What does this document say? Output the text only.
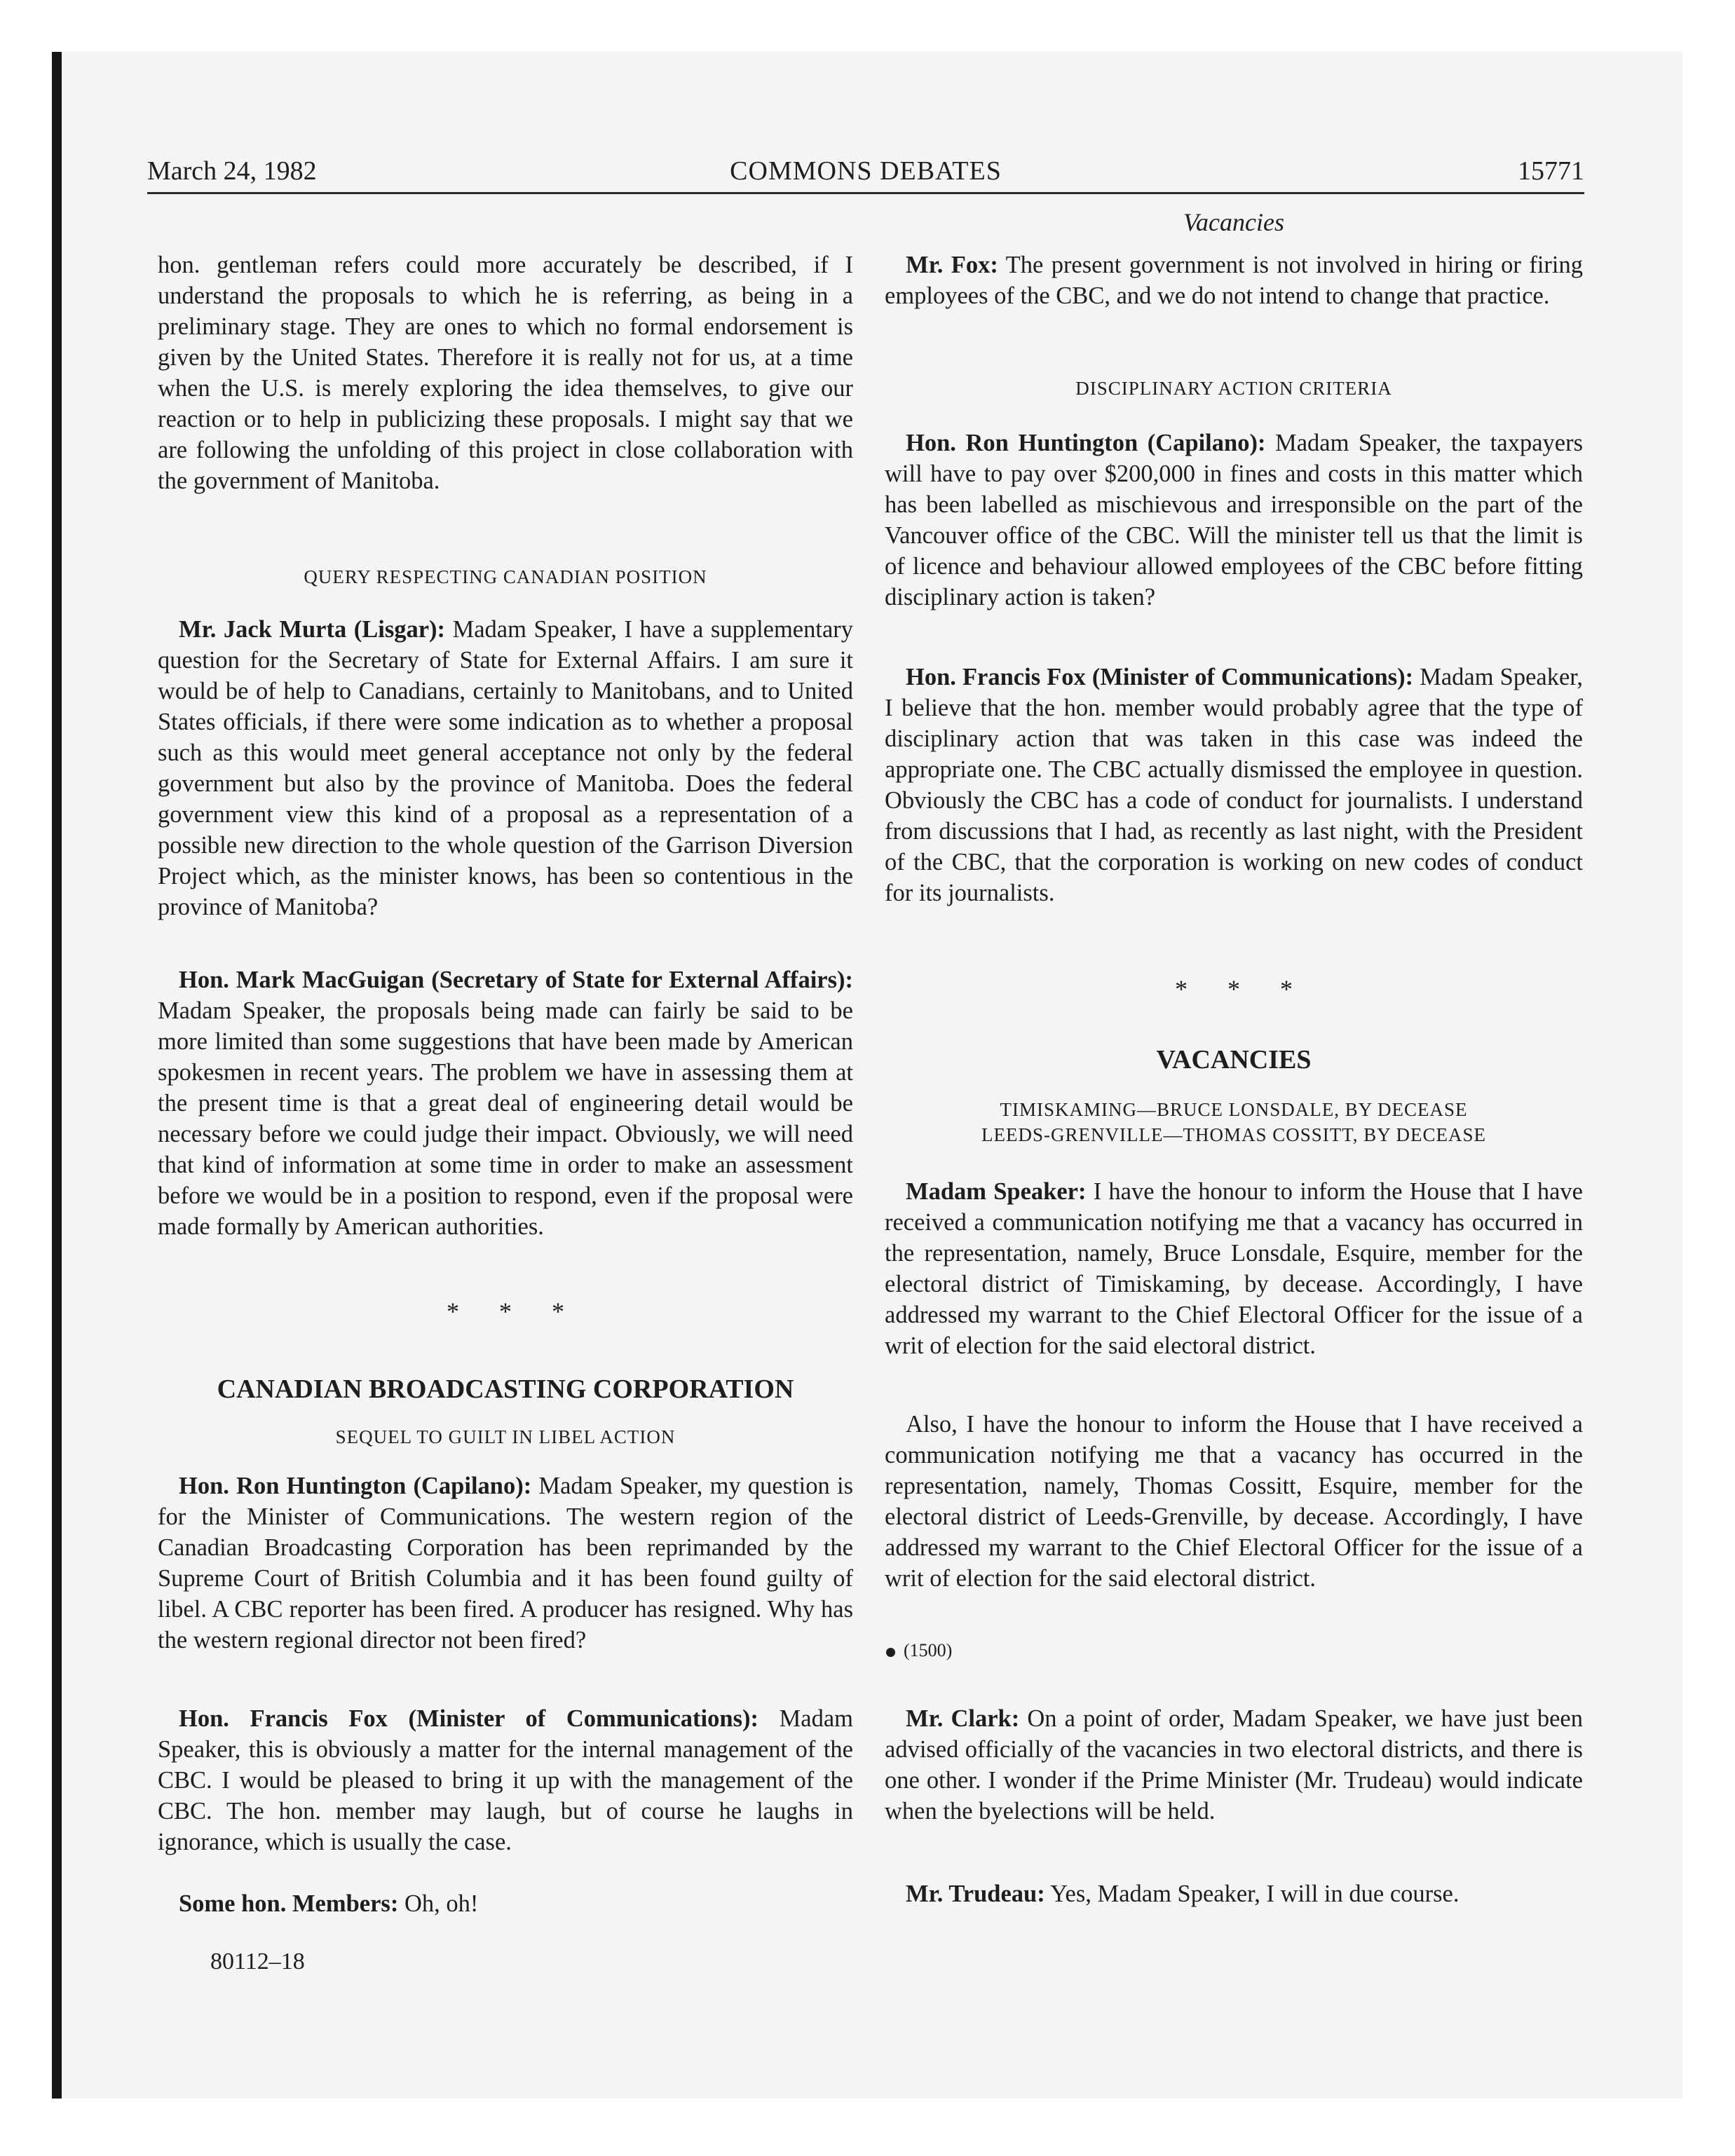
March 24, 1982	COMMONS DEBATES	15771

hon. gentleman refers could more accurately be described, if I understand the proposals to which he is referring, as being in a preliminary stage. They are ones to which no formal endorsement is given by the United States. Therefore it is really not for us, at a time when the U.S. is merely exploring the idea themselves, to give our reaction or to help in publicizing these proposals. I might say that we are following the unfolding of this project in close collaboration with the government of Manitoba.

QUERY RESPECTING CANADIAN POSITION

Mr. Jack Murta (Lisgar): Madam Speaker, I have a supplementary question for the Secretary of State for External Affairs. I am sure it would be of help to Canadians, certainly to Manitobans, and to United States officials, if there were some indication as to whether a proposal such as this would meet general acceptance not only by the federal government but also by the province of Manitoba. Does the federal government view this kind of a proposal as a representation of a possible new direction to the whole question of the Garrison Diversion Project which, as the minister knows, has been so contentious in the province of Manitoba?

Hon. Mark MacGuigan (Secretary of State for External Affairs): Madam Speaker, the proposals being made can fairly be said to be more limited than some suggestions that have been made by American spokesmen in recent years. The problem we have in assessing them at the present time is that a great deal of engineering detail would be necessary before we could judge their impact. Obviously, we will need that kind of information at some time in order to make an assessment before we would be in a position to respond, even if the proposal were made formally by American authorities.

* * *
CANADIAN BROADCASTING CORPORATION
SEQUEL TO GUILT IN LIBEL ACTION

Hon. Ron Huntington (Capilano): Madam Speaker, my question is for the Minister of Communications. The western region of the Canadian Broadcasting Corporation has been reprimanded by the Supreme Court of British Columbia and it has been found guilty of libel. A CBC reporter has been fired. A producer has resigned. Why has the western regional director not been fired?

Hon. Francis Fox (Minister of Communications): Madam Speaker, this is obviously a matter for the internal management of the CBC. I would be pleased to bring it up with the management of the CBC. The hon. member may laugh, but of course he laughs in ignorance, which is usually the case.

Some hon. Members: Oh, oh!

80112–18
Vacancies

Mr. Fox: The present government is not involved in hiring or firing employees of the CBC, and we do not intend to change that practice.

DISCIPLINARY ACTION CRITERIA

Hon. Ron Huntington (Capilano): Madam Speaker, the taxpayers will have to pay over $200,000 in fines and costs in this matter which has been labelled as mischievous and irresponsible on the part of the Vancouver office of the CBC. Will the minister tell us that the limit is of licence and behaviour allowed employees of the CBC before fitting disciplinary action is taken?

Hon. Francis Fox (Minister of Communications): Madam Speaker, I believe that the hon. member would probably agree that the type of disciplinary action that was taken in this case was indeed the appropriate one. The CBC actually dismissed the employee in question. Obviously the CBC has a code of conduct for journalists. I understand from discussions that I had, as recently as last night, with the President of the CBC, that the corporation is working on new codes of conduct for its journalists.

* * *
VACANCIES
TIMISKAMING—BRUCE LONSDALE, BY DECEASE
LEEDS-GRENVILLE—THOMAS COSSITT, BY DECEASE

Madam Speaker: I have the honour to inform the House that I have received a communication notifying me that a vacancy has occurred in the representation, namely, Bruce Lonsdale, Esquire, member for the electoral district of Timiskaming, by decease. Accordingly, I have addressed my warrant to the Chief Electoral Officer for the issue of a writ of election for the said electoral district.

Also, I have the honour to inform the House that I have received a communication notifying me that a vacancy has occurred in the representation, namely, Thomas Cossitt, Esquire, member for the electoral district of Leeds-Grenville, by decease. Accordingly, I have addressed my warrant to the Chief Electoral Officer for the issue of a writ of election for the said electoral district.

(1500)

Mr. Clark: On a point of order, Madam Speaker, we have just been advised officially of the vacancies in two electoral districts, and there is one other. I wonder if the Prime Minister (Mr. Trudeau) would indicate when the byelections will be held.

Mr. Trudeau: Yes, Madam Speaker, I will in due course.
